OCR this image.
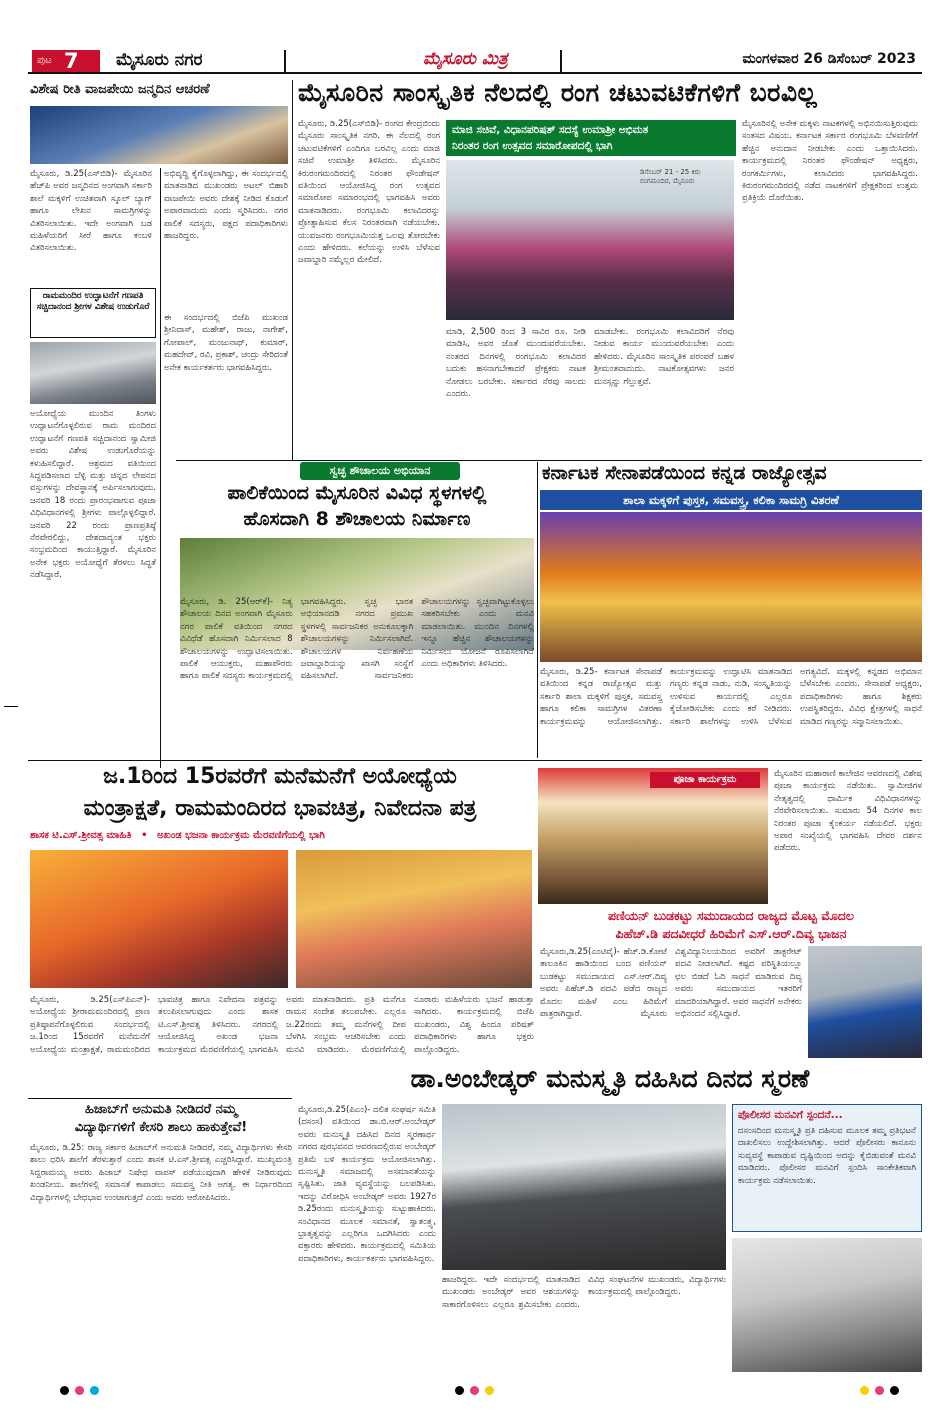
ಪುಟ 7 ಮೈಸೂರು ನಗರ	ಮೈಸೂರು ಮಿತ್ರ	ಮಂಗಳವಾರ 26 ಡಿಸೆಂಬರ್ 2023
ವಿಶೇಷ ರೀತಿ ವಾಜಪೇಯಿ ಜನ್ಮದಿನ ಆಚರಣೆ
ಮೈಸೂರು, ಡಿ.25(ಎಸ್‌ಬಿಡಿ)- ಮೈಸೂರಿನ ಹೆಚ್‌ಪಿ ಅವರ ಜನ್ಮದಿನದ ಅಂಗವಾಗಿ ಸರ್ಕಾರಿ ಶಾಲೆ ಮಕ್ಕಳಿಗೆ ಉಚಿತವಾಗಿ ಸ್ಕೂಲ್ ಬ್ಯಾಗ್ ಹಾಗೂ ಲೇಖನ ಸಾಮಗ್ರಿಗಳನ್ನು ವಿತರಿಸಲಾಯಿತು. ಇದೇ ಅಂಗವಾಗಿ ಬಡ ಮಹಿಳೆಯರಿಗೆ ಸೀರೆ ಹಾಗೂ ಕಂಬಳಿ ವಿತರಿಸಲಾಯಿತು.
ಅಭಿವೃದ್ಧಿ ಕೈಗೊಳ್ಳಲಾಗಿದ್ದು, ಈ ಸಂದರ್ಭದಲ್ಲಿ ಮಾತನಾಡಿದ ಮುಖಂಡರು ಅಟಲ್ ಬಿಹಾರಿ ವಾಜಪೇಯಿ ಅವರು ದೇಶಕ್ಕೆ ನೀಡಿದ ಕೊಡುಗೆ ಅಪಾರವಾದುದು ಎಂದು ಸ್ಮರಿಸಿದರು. ನಗರ ಪಾಲಿಕೆ ಸದಸ್ಯರು, ಪಕ್ಷದ ಪದಾಧಿಕಾರಿಗಳು ಹಾಜರಿದ್ದರು.
ಈ ಸಂದರ್ಭದಲ್ಲಿ ಬಿಜೆಪಿ ಮುಖಂಡ ಶ್ರೀನಿವಾಸ್, ಮಹೇಶ್, ರಾಜು, ನಾಗೇಶ್, ಗೋಪಾಲ್, ಮಂಜುನಾಥ್, ಕುಮಾರ್, ಮಹದೇವ್, ರವಿ, ಪ್ರಕಾಶ್, ಚಂದ್ರು ಸೇರಿದಂತೆ ಅನೇಕ ಕಾರ್ಯಕರ್ತರು ಭಾಗವಹಿಸಿದ್ದರು.
ರಾಮಮಂದಿರ ಉದ್ಘಾಟನೆಗೆ ಗಣಪತಿ ಸಚ್ಚಿದಾನಂದ ಶ್ರೀಗಳ ವಿಶೇಷ ಉಡುಗೊರೆ
ಅಯೋಧ್ಯೆಯ ಮುಂದಿನ ತಿಂಗಳು ಉದ್ಘಾಟನೆಗೊಳ್ಳಲಿರುವ ರಾಮ ಮಂದಿರದ ಉದ್ಘಾಟನೆಗೆ ಗಣಪತಿ ಸಚ್ಚಿದಾನಂದ ಸ್ವಾಮೀಜಿ ಅವರು ವಿಶೇಷ ಉಡುಗೊರೆಯನ್ನು ಕಳುಹಿಸಲಿದ್ದಾರೆ. ಆಶ್ರಮದ ವತಿಯಿಂದ ಸಿದ್ಧಪಡಿಸಲಾದ ಬೆಳ್ಳಿ ಮತ್ತು ಚಿನ್ನದ ಲೇಪನದ ವಸ್ತುಗಳನ್ನು ದೇವಸ್ಥಾನಕ್ಕೆ ಅರ್ಪಿಸಲಾಗುವುದು. ಜನವರಿ 18 ರಂದು ಪ್ರಾರಂಭವಾಗುವ ಪೂಜಾ ವಿಧಿವಿಧಾನಗಳಲ್ಲಿ ಶ್ರೀಗಳು ಪಾಲ್ಗೊಳ್ಳಲಿದ್ದಾರೆ. ಜನವರಿ 22 ರಂದು ಪ್ರಾಣಪ್ರತಿಷ್ಠೆ ನೆರವೇರಲಿದ್ದು, ದೇಶದಾದ್ಯಂತ ಭಕ್ತರು ಸಂಭ್ರಮದಿಂದ ಕಾಯುತ್ತಿದ್ದಾರೆ. ಮೈಸೂರಿನ ಅನೇಕ ಭಕ್ತರು ಅಯೋಧ್ಯೆಗೆ ತೆರಳಲು ಸಿದ್ಧತೆ ನಡೆಸಿದ್ದಾರೆ.
ಮೈಸೂರಿನ ಸಾಂಸ್ಕೃತಿಕ ನೆಲದಲ್ಲಿ ರಂಗ ಚಟುವಟಿಕೆಗಳಿಗೆ ಬರವಿಲ್ಲ
ಮಾಜಿ ಸಚಿವೆ, ವಿಧಾನಪರಿಷತ್ ಸದಸ್ಯೆ ಉಮಾಶ್ರೀ ಅಭಿಮತ
ನಿರಂತರ ರಂಗ ಉತ್ಸವದ ಸಮಾರೋಪದಲ್ಲಿ ಭಾಗಿ
ಮೈಸೂರು, ಡಿ.25(ಎಸ್‌ಬಿಡಿ)- ರಂಗದ ಕೇಂದ್ರಬಿಂದು ಮೈಸೂರು ಸಾಂಸ್ಕೃತಿಕ ನಗರಿ. ಈ ನೆಲದಲ್ಲಿ ರಂಗ ಚಟುವಟಿಕೆಗಳಿಗೆ ಎಂದಿಗೂ ಬರವಿಲ್ಲ ಎಂದು ಮಾಜಿ ಸಚಿವೆ ಉಮಾಶ್ರೀ ತಿಳಿಸಿದರು. ಮೈಸೂರಿನ ಕಿರುರಂಗಮಂದಿರದಲ್ಲಿ ನಿರಂತರ ಫೌಂಡೇಷನ್ ವತಿಯಿಂದ ಆಯೋಜಿಸಿದ್ದ ರಂಗ ಉತ್ಸವದ ಸಮಾರೋಪ ಸಮಾರಂಭದಲ್ಲಿ ಭಾಗವಹಿಸಿ ಅವರು ಮಾತನಾಡಿದರು. ರಂಗಭೂಮಿ ಕಲಾವಿದರನ್ನು ಪ್ರೋತ್ಸಾಹಿಸುವ ಕೆಲಸ ನಿರಂತರವಾಗಿ ನಡೆಯಬೇಕು. ಯುವಜನರು ರಂಗಭೂಮಿಯತ್ತ ಒಲವು ತೋರಬೇಕು ಎಂದು ಹೇಳಿದರು. ಕಲೆಯನ್ನು ಉಳಿಸಿ ಬೆಳೆಸುವ ಜವಾಬ್ದಾರಿ ನಮ್ಮೆಲ್ಲರ ಮೇಲಿದೆ.
ಡಿಸೆಂಬರ್ 21 - 25 ಕಿರು ರಂಗಮಂದಿರ, ಮೈಸೂರು
ಮಾಡಿ, 2,500 ರಿಂದ 3 ಸಾವಿರ ರೂ. ನೀಡಿ ಮಾಡಿಸಿ, ಅವರ ಜೊತೆ ಮುಂದುವರೆಯಬೇಕು. ನಂತರದ ದಿನಗಳಲ್ಲಿ ರಂಗಭೂಮಿ ಕಲಾವಿದರ ಬದುಕು ಹಸನಾಗಬೇಕಾದರೆ ಪ್ರೇಕ್ಷಕರು ನಾಟಕ ನೋಡಲು ಬರಬೇಕು. ಸರ್ಕಾರದ ನೆರವು ಸಾಲದು ಎಂದರು.
ಮಾಡಬೇಕು. ರಂಗಭೂಮಿ ಕಲಾವಿದರಿಗೆ ನೆರವು ನೀಡುವ ಕಾರ್ಯ ಮುಂದುವರೆಯಬೇಕು ಎಂದು ಹೇಳಿದರು. ಮೈಸೂರಿನ ಸಾಂಸ್ಕೃತಿಕ ಪರಂಪರೆ ಬಹಳ ಶ್ರೀಮಂತವಾದುದು. ನಾಟಕೋತ್ಸವಗಳು ಜನರ ಮನಸ್ಸನ್ನು ಗೆಲ್ಲುತ್ತವೆ.
ಮೈಸೂರಿನಲ್ಲಿ ಅನೇಕ ಮಕ್ಕಳು ನಾಟಕಗಳಲ್ಲಿ ಅಭಿನಯಿಸುತ್ತಿರುವುದು ಸಂತಸದ ವಿಷಯ. ಕರ್ನಾಟಕ ಸರ್ಕಾರ ರಂಗಭೂಮಿ ಬೆಳವಣಿಗೆಗೆ ಹೆಚ್ಚಿನ ಅನುದಾನ ನೀಡಬೇಕು ಎಂದು ಒತ್ತಾಯಿಸಿದರು. ಕಾರ್ಯಕ್ರಮದಲ್ಲಿ ನಿರಂತರ ಫೌಂಡೇಷನ್ ಅಧ್ಯಕ್ಷರು, ರಂಗಕರ್ಮಿಗಳು, ಕಲಾವಿದರು ಭಾಗವಹಿಸಿದ್ದರು. ಕಿರುರಂಗಮಂದಿರದಲ್ಲಿ ನಡೆದ ನಾಟಕಗಳಿಗೆ ಪ್ರೇಕ್ಷಕರಿಂದ ಉತ್ತಮ ಪ್ರತಿಕ್ರಿಯೆ ದೊರೆಯಿತು.
ಸ್ವಚ್ಛ ಶೌಚಾಲಯ ಅಭಿಯಾನ
ಪಾಲಿಕೆಯಿಂದ ಮೈಸೂರಿನ ವಿವಿಧ ಸ್ಥಳಗಳಲ್ಲಿ
ಹೊಸದಾಗಿ 8 ಶೌಚಾಲಯ ನಿರ್ಮಾಣ
ಮೈಸೂರು, ಡಿ. 25(ಆರ್‌ಕೆ)- ನಿತ್ಯ ಶೌಚಾಲಯ ದಿನದ ಅಂಗವಾಗಿ ಮೈಸೂರು ನಗರ ಪಾಲಿಕೆ ವತಿಯಿಂದ ನಗರದ ವಿವಿಧೆಡೆ ಹೊಸದಾಗಿ ನಿರ್ಮಿಸಲಾದ 8 ಶೌಚಾಲಯಗಳನ್ನು ಉದ್ಘಾಟಿಸಲಾಯಿತು. ಪಾಲಿಕೆ ಆಯುಕ್ತರು, ಮಹಾಪೌರರು ಹಾಗೂ ಪಾಲಿಕೆ ಸದಸ್ಯರು ಕಾರ್ಯಕ್ರಮದಲ್ಲಿ ಭಾಗವಹಿಸಿದ್ದರು. ಸ್ವಚ್ಛ ಭಾರತ ಅಭಿಯಾನದಡಿ ನಗರದ ಪ್ರಮುಖ ಸ್ಥಳಗಳಲ್ಲಿ ಸಾರ್ವಜನಿಕರ ಅನುಕೂಲಕ್ಕಾಗಿ ಶೌಚಾಲಯಗಳನ್ನು ನಿರ್ಮಿಸಲಾಗಿದೆ. ಶೌಚಾಲಯಗಳ ನಿರ್ವಹಣೆಯ ಜವಾಬ್ದಾರಿಯನ್ನು ಖಾಸಗಿ ಸಂಸ್ಥೆಗೆ ವಹಿಸಲಾಗಿದೆ. ಸಾರ್ವಜನಿಕರು ಶೌಚಾಲಯಗಳನ್ನು ಸ್ವಚ್ಛವಾಗಿಟ್ಟುಕೊಳ್ಳಲು ಸಹಕರಿಸಬೇಕು ಎಂದು ಮನವಿ ಮಾಡಲಾಯಿತು. ಮುಂದಿನ ದಿನಗಳಲ್ಲಿ ಇನ್ನೂ ಹೆಚ್ಚಿನ ಶೌಚಾಲಯಗಳನ್ನು ನಿರ್ಮಿಸಲು ಯೋಜನೆ ರೂಪಿಸಲಾಗಿದೆ ಎಂದು ಅಧಿಕಾರಿಗಳು ತಿಳಿಸಿದರು.
ಕರ್ನಾಟಕ ಸೇನಾಪಡೆಯಿಂದ ಕನ್ನಡ ರಾಜ್ಯೋತ್ಸವ
ಶಾಲಾ ಮಕ್ಕಳಿಗೆ ಪುಸ್ತಕ, ಸಮವಸ್ತ್ರ, ಕಲಿಕಾ ಸಾಮಗ್ರಿ ವಿತರಣೆ
ಮೈಸೂರು, ಡಿ.25- ಕರ್ನಾಟಕ ಸೇನಾಪಡೆ ವತಿಯಿಂದ ಕನ್ನಡ ರಾಜ್ಯೋತ್ಸವ ಮತ್ತು ಸರ್ಕಾರಿ ಶಾಲಾ ಮಕ್ಕಳಿಗೆ ಪುಸ್ತಕ, ಸಮವಸ್ತ್ರ ಹಾಗೂ ಕಲಿಕಾ ಸಾಮಗ್ರಿಗಳ ವಿತರಣಾ ಕಾರ್ಯಕ್ರಮವನ್ನು ಆಯೋಜಿಸಲಾಗಿತ್ತು. ಕಾರ್ಯಕ್ರಮವನ್ನು ಉದ್ಘಾಟಿಸಿ ಮಾತನಾಡಿದ ಗಣ್ಯರು ಕನ್ನಡ ನಾಡು, ನುಡಿ, ಸಂಸ್ಕೃತಿಯನ್ನು ಉಳಿಸುವ ಕಾರ್ಯದಲ್ಲಿ ಎಲ್ಲರೂ ಕೈಜೋಡಿಸಬೇಕು ಎಂದು ಕರೆ ನೀಡಿದರು. ಸರ್ಕಾರಿ ಶಾಲೆಗಳನ್ನು ಉಳಿಸಿ ಬೆಳೆಸುವ ಅಗತ್ಯವಿದೆ. ಮಕ್ಕಳಲ್ಲಿ ಕನ್ನಡದ ಅಭಿಮಾನ ಬೆಳೆಸಬೇಕು ಎಂದರು. ಸೇನಾಪಡೆ ಅಧ್ಯಕ್ಷರು, ಪದಾಧಿಕಾರಿಗಳು ಹಾಗೂ ಶಿಕ್ಷಕರು ಉಪಸ್ಥಿತರಿದ್ದರು. ವಿವಿಧ ಕ್ಷೇತ್ರಗಳಲ್ಲಿ ಸಾಧನೆ ಮಾಡಿದ ಗಣ್ಯರನ್ನು ಸನ್ಮಾನಿಸಲಾಯಿತು.
ಜ.1ರಿಂದ 15ರವರೆಗೆ ಮನೆಮನೆಗೆ ಅಯೋಧ್ಯೆಯ
ಮಂತ್ರಾಕ್ಷತೆ, ರಾಮಮಂದಿರದ ಭಾವಚಿತ್ರ, ನಿವೇದನಾ ಪತ್ರ
ಶಾಸಕ ಟಿ.ಎಸ್.ಶ್ರೀವತ್ಸ ಮಾಹಿತಿ • ಅಖಂಡ ಭಜನಾ ಕಾರ್ಯಕ್ರಮ ಮೆರವಣಿಗೆಯಲ್ಲಿ ಭಾಗಿ
ಮೈಸೂರು, ಡಿ.25(ಎಸ್‌ಪಿಎನ್)- ಅಯೋಧ್ಯೆಯ ಶ್ರೀರಾಮಮಂದಿರದಲ್ಲಿ ಪ್ರಾಣ ಪ್ರತಿಷ್ಠಾಪನೆಗೊಳ್ಳಲಿರುವ ಸಂದರ್ಭದಲ್ಲಿ ಜ.1ರಿಂದ 15ರವರೆಗೆ ಮನೆಮನೆಗೆ ಅಯೋಧ್ಯೆಯ ಮಂತ್ರಾಕ್ಷತೆ, ರಾಮಮಂದಿರದ ಭಾವಚಿತ್ರ ಹಾಗೂ ನಿವೇದನಾ ಪತ್ರವನ್ನು ತಲುಪಿಸಲಾಗುವುದು ಎಂದು ಶಾಸಕ ಟಿ.ಎಸ್.ಶ್ರೀವತ್ಸ ತಿಳಿಸಿದರು. ನಗರದಲ್ಲಿ ಆಯೋಜಿಸಿದ್ದ ಅಖಂಡ ಭಜನಾ ಕಾರ್ಯಕ್ರಮದ ಮೆರವಣಿಗೆಯಲ್ಲಿ ಭಾಗವಹಿಸಿ ಅವರು ಮಾತನಾಡಿದರು. ಪ್ರತಿ ಮನೆಗೂ ರಾಮನ ಸಂದೇಶ ತಲುಪಬೇಕು. ಎಲ್ಲರೂ ಜ.22ರಂದು ತಮ್ಮ ಮನೆಗಳಲ್ಲಿ ದೀಪ ಬೆಳಗಿಸಿ ಸಂಭ್ರಮ ಆಚರಿಸಬೇಕು ಎಂದು ಮನವಿ ಮಾಡಿದರು. ಮೆರವಣಿಗೆಯಲ್ಲಿ ನೂರಾರು ಮಹಿಳೆಯರು ಭಜನೆ ಹಾಡುತ್ತಾ ಸಾಗಿದರು. ಕಾರ್ಯಕ್ರಮದಲ್ಲಿ ಬಿಜೆಪಿ ಮುಖಂಡರು, ವಿಶ್ವ ಹಿಂದೂ ಪರಿಷತ್ ಪದಾಧಿಕಾರಿಗಳು ಹಾಗೂ ಭಕ್ತರು ಪಾಲ್ಗೊಂಡಿದ್ದರು.
ಪೂಜಾ ಕಾರ್ಯಕ್ರಮ	ಮೈಸೂರಿನ ಮಹಾರಾಣಿ ಕಾಲೇಜಿನ ಆವರಣದಲ್ಲಿ ವಿಶೇಷ ಪೂಜಾ ಕಾರ್ಯಕ್ರಮ ನಡೆಯಿತು. ಸ್ವಾಮೀಜಿಗಳ ನೇತೃತ್ವದಲ್ಲಿ ಧಾರ್ಮಿಕ ವಿಧಿವಿಧಾನಗಳನ್ನು ನೆರವೇರಿಸಲಾಯಿತು. ಸುಮಾರು 54 ದಿನಗಳ ಕಾಲ ನಿರಂತರ ಪೂಜಾ ಕೈಂಕರ್ಯ ನಡೆಯಲಿದೆ. ಭಕ್ತರು ಅಪಾರ ಸಂಖ್ಯೆಯಲ್ಲಿ ಭಾಗವಹಿಸಿ ದೇವರ ದರ್ಶನ ಪಡೆದರು.
ಪಣಿಯನ್ ಬುಡಕಟ್ಟು ಸಮುದಾಯದ ರಾಜ್ಯದ ಮೊಟ್ಟ ಮೊದಲ
ಪಿಹೆಚ್.ಡಿ ಪದವೀಧರೆ ಹಿರಿಮೆಗೆ ಎಸ್.ಆರ್.ದಿವ್ಯ ಭಾಜನ
ಮೈಸೂರು,ಡಿ.25(ಎಂಟಿವೈ)- ಹೆಚ್.ಡಿ.ಕೋಟೆ ತಾಲೂಕಿನ ಹಾಡಿಯಿಂದ ಬಂದ ಪಣಿಯನ್ ಬುಡಕಟ್ಟು ಸಮುದಾಯದ ಎಸ್.ಆರ್.ದಿವ್ಯ ಅವರು ಪಿಹೆಚ್.ಡಿ ಪದವಿ ಪಡೆದ ರಾಜ್ಯದ ಮೊದಲ ಮಹಿಳೆ ಎಂಬ ಹಿರಿಮೆಗೆ ಪಾತ್ರರಾಗಿದ್ದಾರೆ. ಮೈಸೂರು ವಿಶ್ವವಿದ್ಯಾನಿಲಯದಿಂದ ಅವರಿಗೆ ಡಾಕ್ಟರೇಟ್ ಪದವಿ ನೀಡಲಾಗಿದೆ. ಕಷ್ಟದ ಪರಿಸ್ಥಿತಿಯಲ್ಲೂ ಛಲ ಬಿಡದೆ ಓದಿ ಸಾಧನೆ ಮಾಡಿರುವ ದಿವ್ಯ ಅವರು ಸಮುದಾಯದ ಇತರರಿಗೆ ಮಾದರಿಯಾಗಿದ್ದಾರೆ. ಅವರ ಸಾಧನೆಗೆ ಅನೇಕರು ಅಭಿನಂದನೆ ಸಲ್ಲಿಸಿದ್ದಾರೆ.
ಹಿಜಾಬ್‌ಗೆ ಅನುಮತಿ ನೀಡಿದರೆ ನಮ್ಮ
ವಿದ್ಯಾರ್ಥಿಗಳಿಗೆ ಕೇಸರಿ ಶಾಲು ಹಾಕುತ್ತೇವೆ!
ಮೈಸೂರು, ಡಿ.25: ರಾಜ್ಯ ಸರ್ಕಾರ ಹಿಜಾಬ್‌ಗೆ ಅನುಮತಿ ನೀಡಿದರೆ, ನಮ್ಮ ವಿದ್ಯಾರ್ಥಿಗಳು ಕೇಸರಿ ಶಾಲು ಧರಿಸಿ ಶಾಲೆಗೆ ತೆರಳುತ್ತಾರೆ ಎಂದು ಶಾಸಕ ಟಿ.ಎಸ್.ಶ್ರೀವತ್ಸ ಎಚ್ಚರಿಸಿದ್ದಾರೆ. ಮುಖ್ಯಮಂತ್ರಿ ಸಿದ್ದರಾಮಯ್ಯ ಅವರು ಹಿಜಾಬ್ ನಿಷೇಧ ವಾಪಸ್ ಪಡೆಯುವುದಾಗಿ ಹೇಳಿಕೆ ನೀಡಿರುವುದು ಖಂಡನೀಯ. ಶಾಲೆಗಳಲ್ಲಿ ಸಮಾನತೆ ಕಾಪಾಡಲು ಸಮವಸ್ತ್ರ ನೀತಿ ಅಗತ್ಯ. ಈ ನಿರ್ಧಾರದಿಂದ ವಿದ್ಯಾರ್ಥಿಗಳಲ್ಲಿ ಬೇಧಭಾವ ಉಂಟಾಗುತ್ತದೆ ಎಂದು ಅವರು ಆರೋಪಿಸಿದರು.
ಡಾ.ಅಂಬೇಡ್ಕರ್ ಮನುಸ್ಮೃತಿ ದಹಿಸಿದ ದಿನದ ಸ್ಮರಣೆ
ಮೈಸೂರು,ಡಿ.25(ಪಿಎಂ)- ದಲಿತ ಸಂಘರ್ಷ ಸಮಿತಿ (ದಸಂಸ) ವತಿಯಿಂದ ಡಾ.ಬಿ.ಆರ್.ಅಂಬೇಡ್ಕರ್ ಅವರು ಮನುಸ್ಮೃತಿ ದಹಿಸಿದ ದಿನದ ಸ್ಮರಣಾರ್ಥ ನಗರದ ಪುರಭವನದ ಆವರಣದಲ್ಲಿರುವ ಅಂಬೇಡ್ಕರ್ ಪ್ರತಿಮೆ ಬಳಿ ಕಾರ್ಯಕ್ರಮ ಆಯೋಜಿಸಲಾಗಿತ್ತು. ಮನುಸ್ಮೃತಿ ಸಮಾಜದಲ್ಲಿ ಅಸಮಾನತೆಯನ್ನು ಸೃಷ್ಟಿಸಿತು. ಜಾತಿ ವ್ಯವಸ್ಥೆಯನ್ನು ಬಲಪಡಿಸಿತು. ಇದನ್ನು ವಿರೋಧಿಸಿ ಅಂಬೇಡ್ಕರ್ ಅವರು 1927ರ ಡಿ.25ರಂದು ಮನುಸ್ಮೃತಿಯನ್ನು ಸುಟ್ಟುಹಾಕಿದರು. ಸಂವಿಧಾನದ ಮೂಲಕ ಸಮಾನತೆ, ಸ್ವಾತಂತ್ರ್ಯ, ಭ್ರಾತೃತ್ವವನ್ನು ಎಲ್ಲರಿಗೂ ಒದಗಿಸಿದರು ಎಂದು ವಕ್ತಾರರು ಹೇಳಿದರು. ಕಾರ್ಯಕ್ರಮದಲ್ಲಿ ಸಮಿತಿಯ ಪದಾಧಿಕಾರಿಗಳು, ಕಾರ್ಯಕರ್ತರು ಭಾಗವಹಿಸಿದ್ದರು.
ಹಾಜರಿದ್ದರು. ಇದೇ ಸಂದರ್ಭದಲ್ಲಿ ಮಾತನಾಡಿದ ಮುಖಂಡರು ಅಂಬೇಡ್ಕರ್ ಅವರ ಆಶಯಗಳನ್ನು ಸಾಕಾರಗೊಳಿಸಲು ಎಲ್ಲರೂ ಶ್ರಮಿಸಬೇಕು ಎಂದರು. ವಿವಿಧ ಸಂಘಟನೆಗಳ ಮುಖಂಡರು, ವಿದ್ಯಾರ್ಥಿಗಳು ಕಾರ್ಯಕ್ರಮದಲ್ಲಿ ಪಾಲ್ಗೊಂಡಿದ್ದರು.
ಪೊಲೀಸರ ಮನವಿಗೆ ಸ್ಪಂದನೆ...
ದಸಂಸದಿಂದ ಮನುಸ್ಮೃತಿ ಪ್ರತಿ ದಹಿಸುವ ಮೂಲಕ ತಮ್ಮ ಪ್ರತಿಭಟನೆ ದಾಖಲಿಸಲು ಉದ್ದೇಶಿಸಲಾಗಿತ್ತು. ಆದರೆ ಪೊಲೀಸರು ಕಾನೂನು ಸುವ್ಯವಸ್ಥೆ ಕಾಪಾಡುವ ದೃಷ್ಟಿಯಿಂದ ಅದನ್ನು ಕೈಬಿಡುವಂತೆ ಮನವಿ ಮಾಡಿದರು. ಪೊಲೀಸರ ಮನವಿಗೆ ಸ್ಪಂದಿಸಿ ಸಾಂಕೇತಿಕವಾಗಿ ಕಾರ್ಯಕ್ರಮ ನಡೆಸಲಾಯಿತು.
